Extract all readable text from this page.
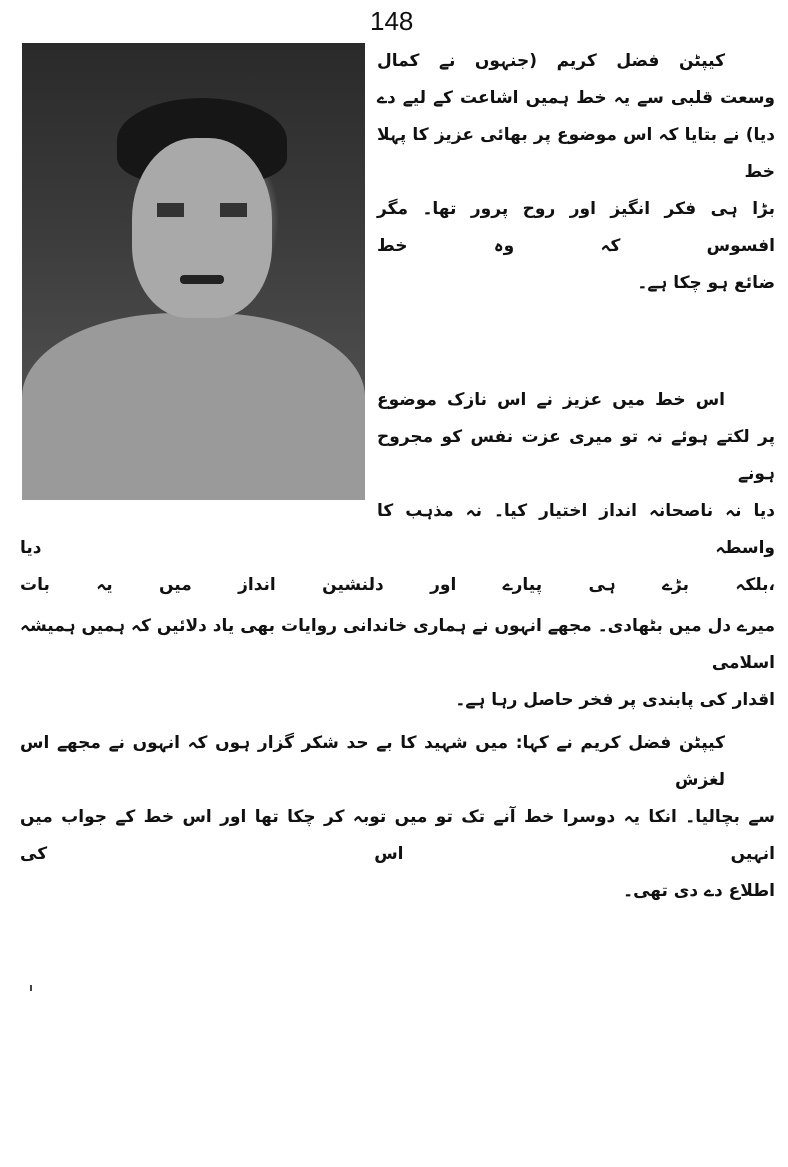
148
کیپٹن فضل کریم (جنہوں نے کمال
وسعت قلبی سے یہ خط ہمیں اشاعت کے لیے دے
دیا) نے بتایا کہ اس موضوع پر بھائی عزیز کا پہلا خط
بڑا ہی فکر انگیز اور روح پرور تھا۔ مگر افسوس کہ وہ خط
ضائع ہو چکا ہے۔
اس خط میں عزیز نے اس نازک موضوع
پر لکتے ہوئے نہ تو میری عزت نفس کو مجروح ہونے
دیا نہ ناصحانہ انداز اختیار کیا۔ نہ مذہب کا واسطہ دیا
،بلکہ بڑے ہی پیارے اور دلنشین انداز میں یہ بات
میرے دل میں بٹھادی۔ مجھے انہوں نے ہماری خاندانی روایات بھی یاد دلائیں کہ ہمیں ہمیشہ اسلامی
اقدار کی پابندی پر فخر حاصل رہا ہے۔
کیپٹن فضل کریم نے کہا: میں شہید کا بے حد شکر گزار ہوں کہ انہوں نے مجھے اس لغزش
سے بچالیا۔ انکا یہ دوسرا خط آنے تک تو میں توبہ کر چکا تھا اور اس خط کے جواب میں انہیں اس کی
اطلاع دے دی تھی۔
